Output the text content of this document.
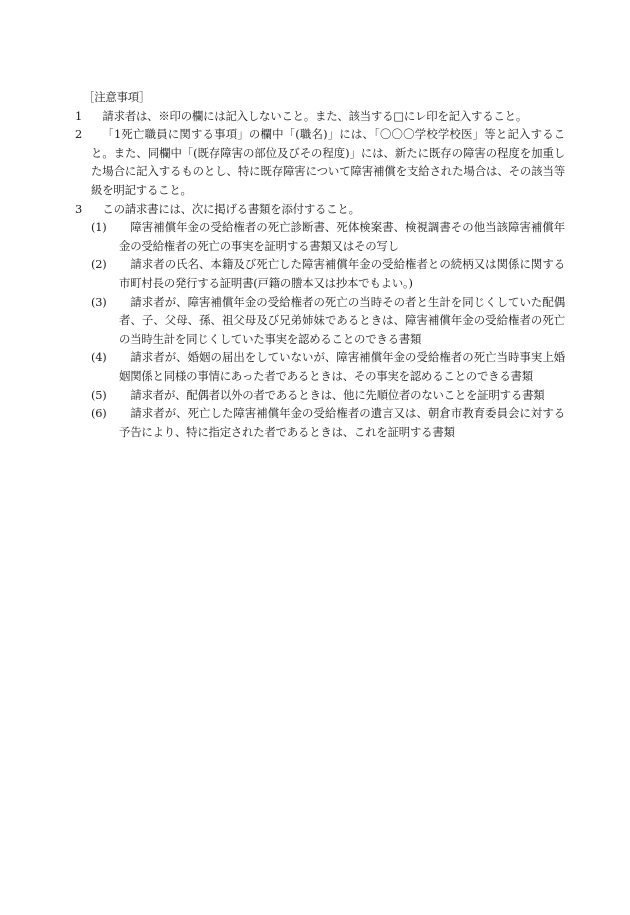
［注意事項］
1	請求者は、※印の欄には記入しないこと。また、該当する□にレ印を記入すること。
2	「1死亡職員に関する事項」の欄中「(職名)」には、「〇〇〇学校学校医」等と記入すること。また、同欄中「(既存障害の部位及びその程度)」には、新たに既存の障害の程度を加重した場合に記入するものとし、特に既存障害について障害補償を支給された場合は、その該当等級を明記すること。
3	この請求書には、次に掲げる書類を添付すること。
(1)	障害補償年金の受給権者の死亡診断書、死体検案書、検視調書その他当該障害補償年金の受給権者の死亡の事実を証明する書類又はその写し
(2)	請求者の氏名、本籍及び死亡した障害補償年金の受給権者との続柄又は関係に関する市町村長の発行する証明書(戸籍の謄本又は抄本でもよい。)
(3)	請求者が、障害補償年金の受給権者の死亡の当時その者と生計を同じくしていた配偶者、子、父母、孫、祖父母及び兄弟姉妹であるときは、障害補償年金の受給権者の死亡の当時生計を同じくしていた事実を認めることのできる書類
(4)	請求者が、婚姻の届出をしていないが、障害補償年金の受給権者の死亡当時事実上婚姻関係と同様の事情にあった者であるときは、その事実を認めることのできる書類
(5)	請求者が、配偶者以外の者であるときは、他に先順位者のないことを証明する書類
(6)	請求者が、死亡した障害補償年金の受給権者の遺言又は、朝倉市教育委員会に対する予告により、特に指定された者であるときは、これを証明する書類
